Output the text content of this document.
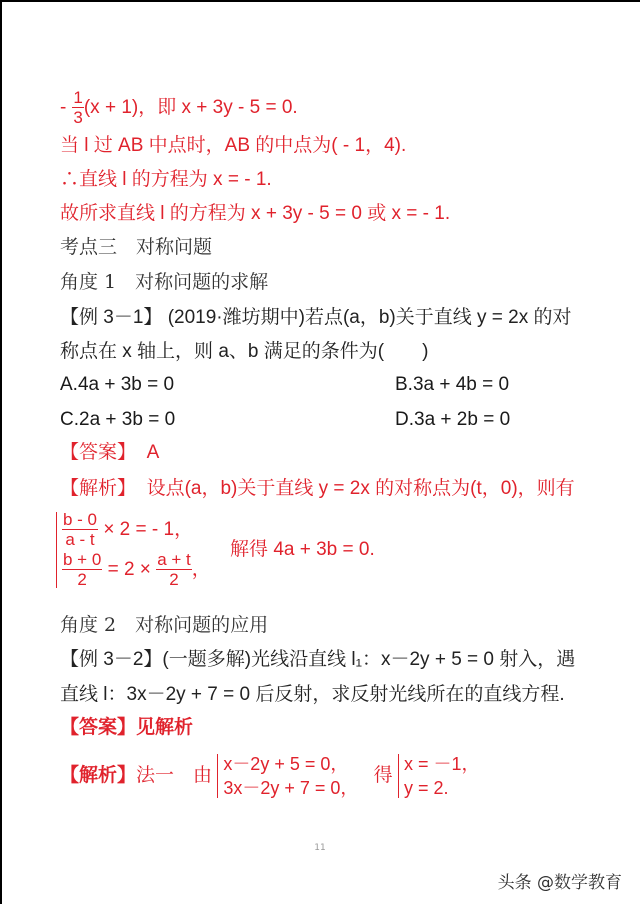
- $\frac{1}{3} (x + 1)$，即 x + 3y - 5 = 0.
当 l 过 AB 中点时，AB 的中点为( - 1，4).
∴直线 l 的方程为 x = - 1.
故所求直线 l 的方程为 x + 3y - 5 = 0 或 x = - 1.
考点三　对称问题
角度 1　对称问题的求解
【例 3－1】 (2019·潍坊期中)若点(a，b)关于直线 y = 2x 的对
称点在 x 轴上，则 a、b 满足的条件为(　　)
A.4a + 3b = 0	B.3a + 4b = 0
C.2a + 3b = 0	D.3a + 2b = 0
【答案】 A
【解析】 设点(a，b)关于直线 y = 2x 的对称点为(t，0)，则有
$\frac{b - 0}{a - t} \times 2$ = - 1，
$\frac{b + 0}{2} = 2 \times \frac{a + t}{2}$ ，
解得 4a + 3b = 0.
角度 2　对称问题的应用
【例 3－2】(一题多解)光线沿直线 l₁：x－2y + 5 = 0 射入，遇
直线 l：3x－2y + 7 = 0 后反射，求反射光线所在的直线方程.
【答案】见解析
【解析】法一　由
x－2y + 5 = 0，
3x－2y + 7 = 0，
得
x = －1，
y = 2.
11
头条 @数学教育
